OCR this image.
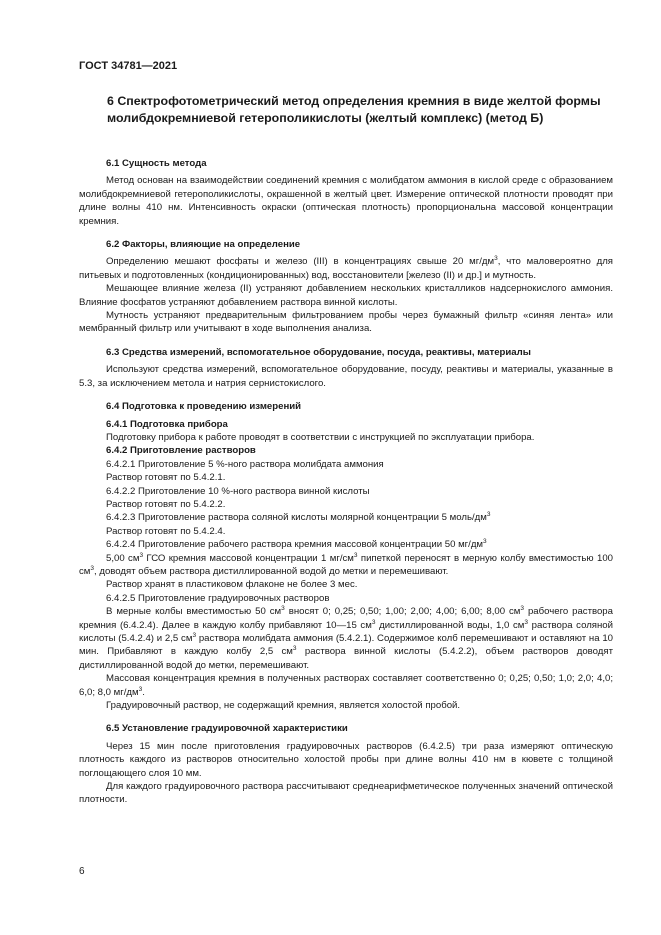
ГОСТ 34781—2021
6 Спектрофотометрический метод определения кремния в виде желтой формы молибдокремниевой гетерополикислоты (желтый комплекс) (метод Б)

6.1 Сущность метода

Метод основан на взаимодействии соединений кремния с молибдатом аммония в кислой среде с образованием молибдокремниевой гетерополикислоты, окрашенной в желтый цвет. Измерение оптической плотности проводят при длине волны 410 нм. Интенсивность окраски (оптическая плотность) пропорциональна массовой концентрации кремния.

6.2 Факторы, влияющие на определение

Определению мешают фосфаты и железо (III) в концентрациях свыше 20 $мг/дм^3$, что маловероятно для питьевых и подготовленных (кондиционированных) вод, восстановители [железо (II) и др.] и мутность.

Мешающее влияние железа (II) устраняют добавлением нескольких кристалликов надсернокислого аммония. Влияние фосфатов устраняют добавлением раствора винной кислоты.

Мутность устраняют предварительным фильтрованием пробы через бумажный фильтр «синяя лента» или мембранный фильтр или учитывают в ходе выполнения анализа.

6.3 Средства измерений, вспомогательное оборудование, посуда, реактивы, материалы

Используют средства измерений, вспомогательное оборудование, посуду, реактивы и материалы, указанные в 5.3, за исключением метола и натрия сернистокислого.

6.4 Подготовка к проведению измерений

6.4.1 Подготовка прибора

Подготовку прибора к работе проводят в соответствии с инструкцией по эксплуатации прибора.

6.4.2 Приготовление растворов

6.4.2.1 Приготовление 5 %-ного раствора молибдата аммония

Раствор готовят по 5.4.2.1.

6.4.2.2 Приготовление 10 %-ного раствора винной кислоты

Раствор готовят по 5.4.2.2.

6.4.2.3 Приготовление раствора соляной кислоты молярной концентрации 5 моль/$дм^3$

Раствор готовят по 5.4.2.4.

6.4.2.4 Приготовление рабочего раствора кремния массовой концентрации 50 $мг/дм^3$

5,00 $см^3$ ГСО кремния массовой концентрации 1 $мг/см^3$ пипеткой переносят в мерную колбу вместимостью 100 $см^3$, доводят объем раствора дистиллированной водой до метки и перемешивают.

Раствор хранят в пластиковом флаконе не более 3 мес.

6.4.2.5 Приготовление градуировочных растворов

В мерные колбы вместимостью 50 $см^3$ вносят 0; 0,25; 0,50; 1,00; 2,00; 4,00; 6,00; 8,00 $см^3$ рабочего раствора кремния (6.4.2.4). Далее в каждую колбу прибавляют 10—15 $см^3$ дистиллированной воды, 1,0 $см^3$ раствора соляной кислоты (5.4.2.4) и 2,5 $см^3$ раствора молибдата аммония (5.4.2.1). Содержимое колб перемешивают и оставляют на 10 мин. Прибавляют в каждую колбу 2,5 $см^3$ раствора винной кислоты (5.4.2.2), объем растворов доводят дистиллированной водой до метки, перемешивают.

Массовая концентрация кремния в полученных растворах составляет соответственно 0; 0,25; 0,50; 1,0; 2,0; 4,0; 6,0; 8,0 $мг/дм^3$.

Градуировочный раствор, не содержащий кремния, является холостой пробой.

6.5 Установление градуировочной характеристики

Через 15 мин после приготовления градуировочных растворов (6.4.2.5) три раза измеряют оптическую плотность каждого из растворов относительно холостой пробы при длине волны 410 нм в кювете с толщиной поглощающего слоя 10 мм.

Для каждого градуировочного раствора рассчитывают среднеарифметическое полученных значений оптической плотности.

6
